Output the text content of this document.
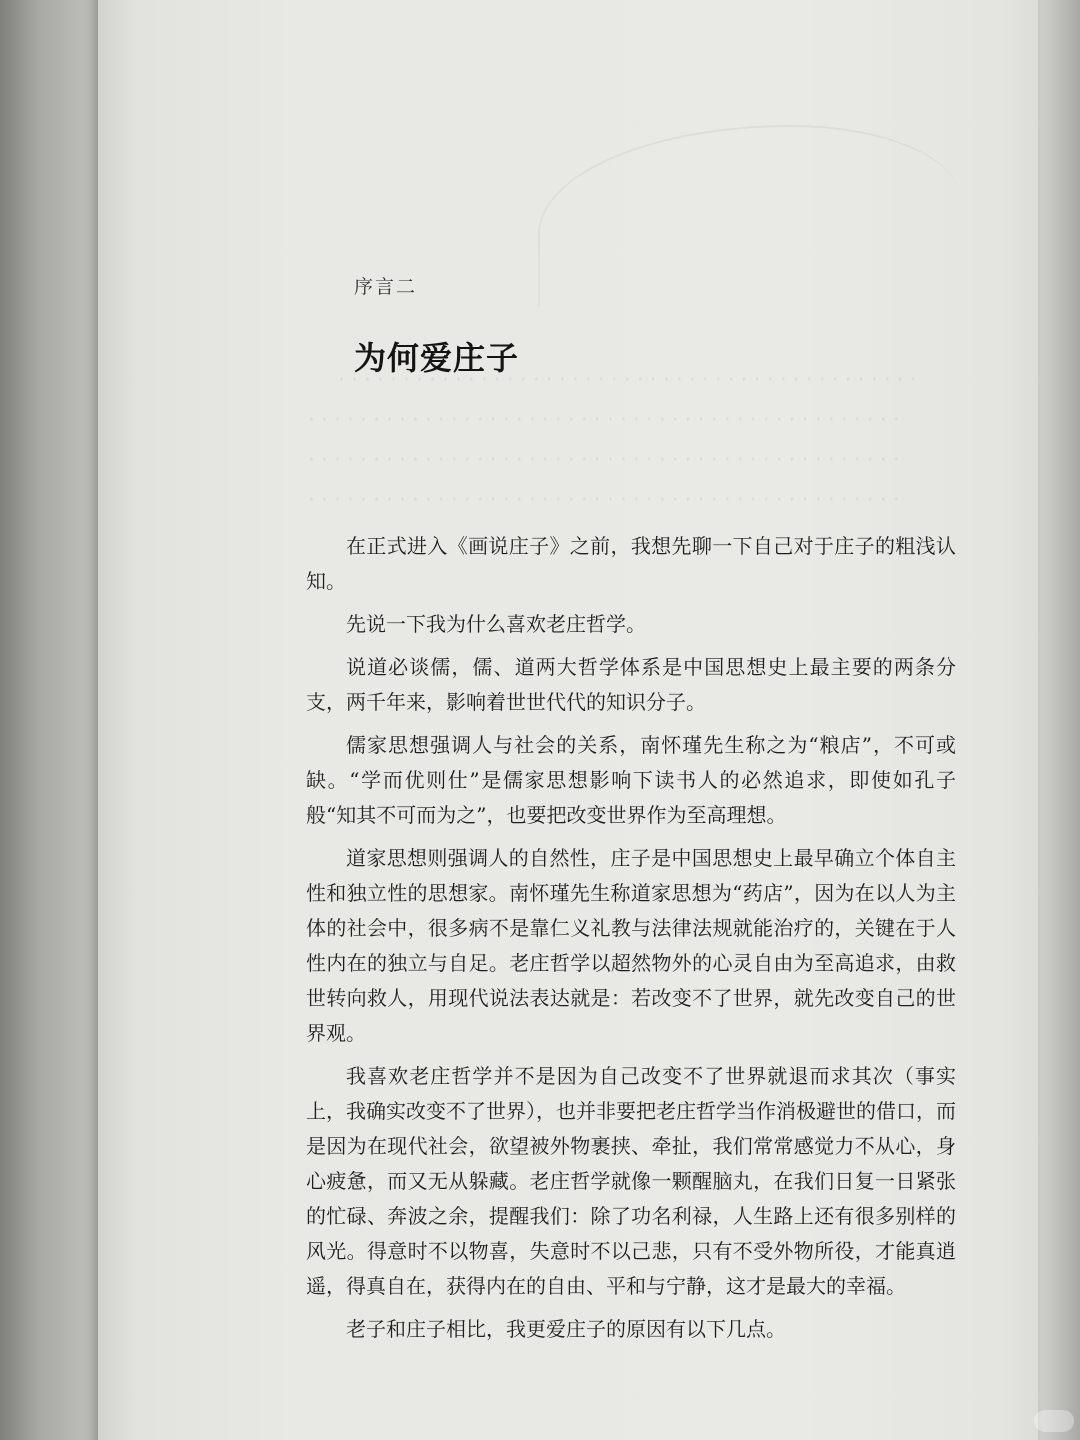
·············································
··············································
··············································
··············································
序言二
为何爱庄子

在正式进入《画说庄子》之前，我想先聊一下自己对于庄子的粗浅认知。

先说一下我为什么喜欢老庄哲学。

说道必谈儒，儒、道两大哲学体系是中国思想史上最主要的两条分支，两千年来，影响着世世代代的知识分子。

儒家思想强调人与社会的关系，南怀瑾先生称之为“粮店”，不可或缺。“学而优则仕”是儒家思想影响下读书人的必然追求，即使如孔子般“知其不可而为之”，也要把改变世界作为至高理想。

道家思想则强调人的自然性，庄子是中国思想史上最早确立个体自主性和独立性的思想家。南怀瑾先生称道家思想为“药店”，因为在以人为主体的社会中，很多病不是靠仁义礼教与法律法规就能治疗的，关键在于人性内在的独立与自足。老庄哲学以超然物外的心灵自由为至高追求，由救世转向救人，用现代说法表达就是：若改变不了世界，就先改变自己的世界观。

我喜欢老庄哲学并不是因为自己改变不了世界就退而求其次（事实上，我确实改变不了世界），也并非要把老庄哲学当作消极避世的借口，而是因为在现代社会，欲望被外物裹挟、牵扯，我们常常感觉力不从心，身心疲惫，而又无从躲藏。老庄哲学就像一颗醒脑丸，在我们日复一日紧张的忙碌、奔波之余，提醒我们：除了功名利禄，人生路上还有很多别样的风光。得意时不以物喜，失意时不以己悲，只有不受外物所役，才能真逍遥，得真自在，获得内在的自由、平和与宁静，这才是最大的幸福。

老子和庄子相比，我更爱庄子的原因有以下几点。
